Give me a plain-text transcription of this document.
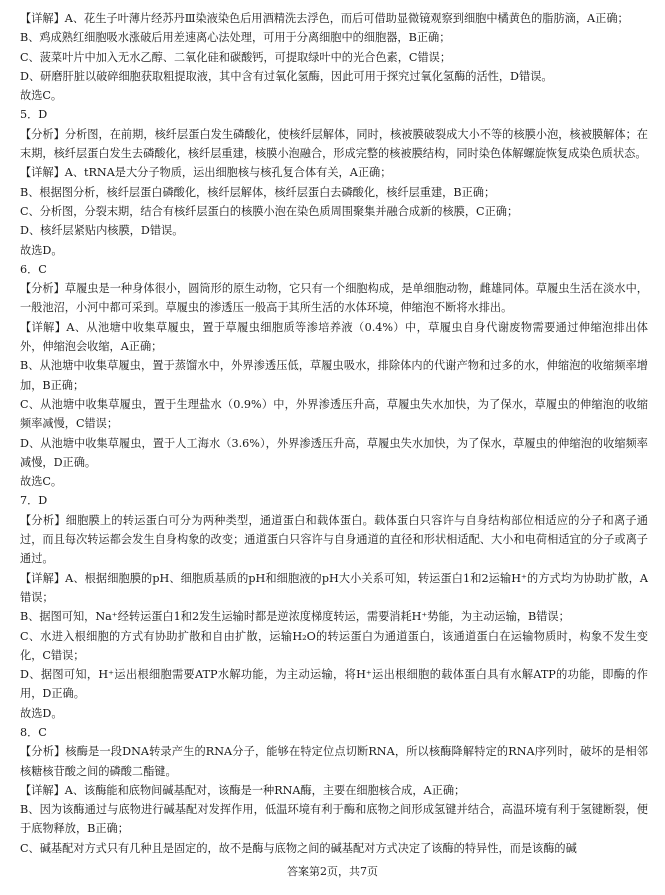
【详解】A、花生子叶薄片经苏丹Ⅲ染液染色后用酒精洗去浮色，而后可借助显微镜观察到细胞中橘黄色的脂肪滴，A正确；

B、鸡成熟红细胞吸水涨破后用差速离心法处理，可用于分离细胞中的细胞器，B正确；

C、菠菜叶片中加入无水乙醇、二氧化硅和碳酸钙，可提取绿叶中的光合色素，C错误；

D、研磨肝脏以破碎细胞获取粗提取液，其中含有过氧化氢酶，因此可用于探究过氧化氢酶的活性，D错误。

故选C。

5．D

【分析】分析图，在前期，核纤层蛋白发生磷酸化，使核纤层解体，同时，核被膜破裂成大小不等的核膜小泡，核被膜解体；在末期，核纤层蛋白发生去磷酸化，核纤层重建，核膜小泡融合，形成完整的核被膜结构，同时染色体解螺旋恢复成染色质状态。

【详解】A、tRNA是大分子物质，运出细胞核与核孔复合体有关，A正确；

B、根据图分析，核纤层蛋白磷酸化，核纤层解体，核纤层蛋白去磷酸化，核纤层重建，B正确；

C、分析图，分裂末期，结合有核纤层蛋白的核膜小泡在染色质周围聚集并融合成新的核膜，C正确；

D、核纤层紧贴内核膜，D错误。

故选D。

6．C

【分析】草履虫是一种身体很小，圆筒形的原生动物，它只有一个细胞构成，是单细胞动物，雌雄同体。草履虫生活在淡水中，一般池沼，小河中都可采到。草履虫的渗透压一般高于其所生活的水体环境，伸缩泡不断将水排出。

【详解】A、从池塘中收集草履虫，置于草履虫细胞质等渗培养液（0.4%）中，草履虫自身代谢废物需要通过伸缩泡排出体外，伸缩泡会收缩，A正确；

B、从池塘中收集草履虫，置于蒸馏水中，外界渗透压低，草履虫吸水，排除体内的代谢产物和过多的水，伸缩泡的收缩频率增加，B正确；

C、从池塘中收集草履虫，置于生理盐水（0.9%）中，外界渗透压升高，草履虫失水加快，为了保水，草履虫的伸缩泡的收缩频率减慢，C错误；

D、从池塘中收集草履虫，置于人工海水（3.6%），外界渗透压升高，草履虫失水加快，为了保水，草履虫的伸缩泡的收缩频率减慢，D正确。

故选C。

7．D

【分析】细胞膜上的转运蛋白可分为两种类型，通道蛋白和载体蛋白。载体蛋白只容许与自身结构部位相适应的分子和离子通过，而且每次转运都会发生自身构象的改变；通道蛋白只容许与自身通道的直径和形状相适配、大小和电荷相适宜的分子或离子通过。

【详解】A、根据细胞膜的pH、细胞质基质的pH和细胞液的pH大小关系可知，转运蛋白1和2运输H⁺的方式均为协助扩散，A错误；

B、据图可知，Na⁺经转运蛋白1和2发生运输时都是逆浓度梯度转运，需要消耗H⁺势能，为主动运输，B错误；

C、水进入根细胞的方式有协助扩散和自由扩散，运输H₂O的转运蛋白为通道蛋白，该通道蛋白在运输物质时，构象不发生变化，C错误；

D、据图可知，H⁺运出根细胞需要ATP水解功能，为主动运输，将H⁺运出根细胞的载体蛋白具有水解ATP的功能，即酶的作用，D正确。

故选D。

8．C

【分析】核酶是一段DNA转录产生的RNA分子，能够在特定位点切断RNA，所以核酶降解特定的RNA序列时，破坏的是相邻核糖核苷酸之间的磷酸二酯键。

【详解】A、该酶能和底物间碱基配对，该酶是一种RNA酶，主要在细胞核合成，A正确；

B、因为该酶通过与底物进行碱基配对发挥作用，低温环境有利于酶和底物之间形成氢键并结合，高温环境有利于氢键断裂，便于底物释放，B正确；

C、碱基配对方式只有几种且是固定的，故不是酶与底物之间的碱基配对方式决定了该酶的特异性，而是该酶的碱

答案第2页，共7页
